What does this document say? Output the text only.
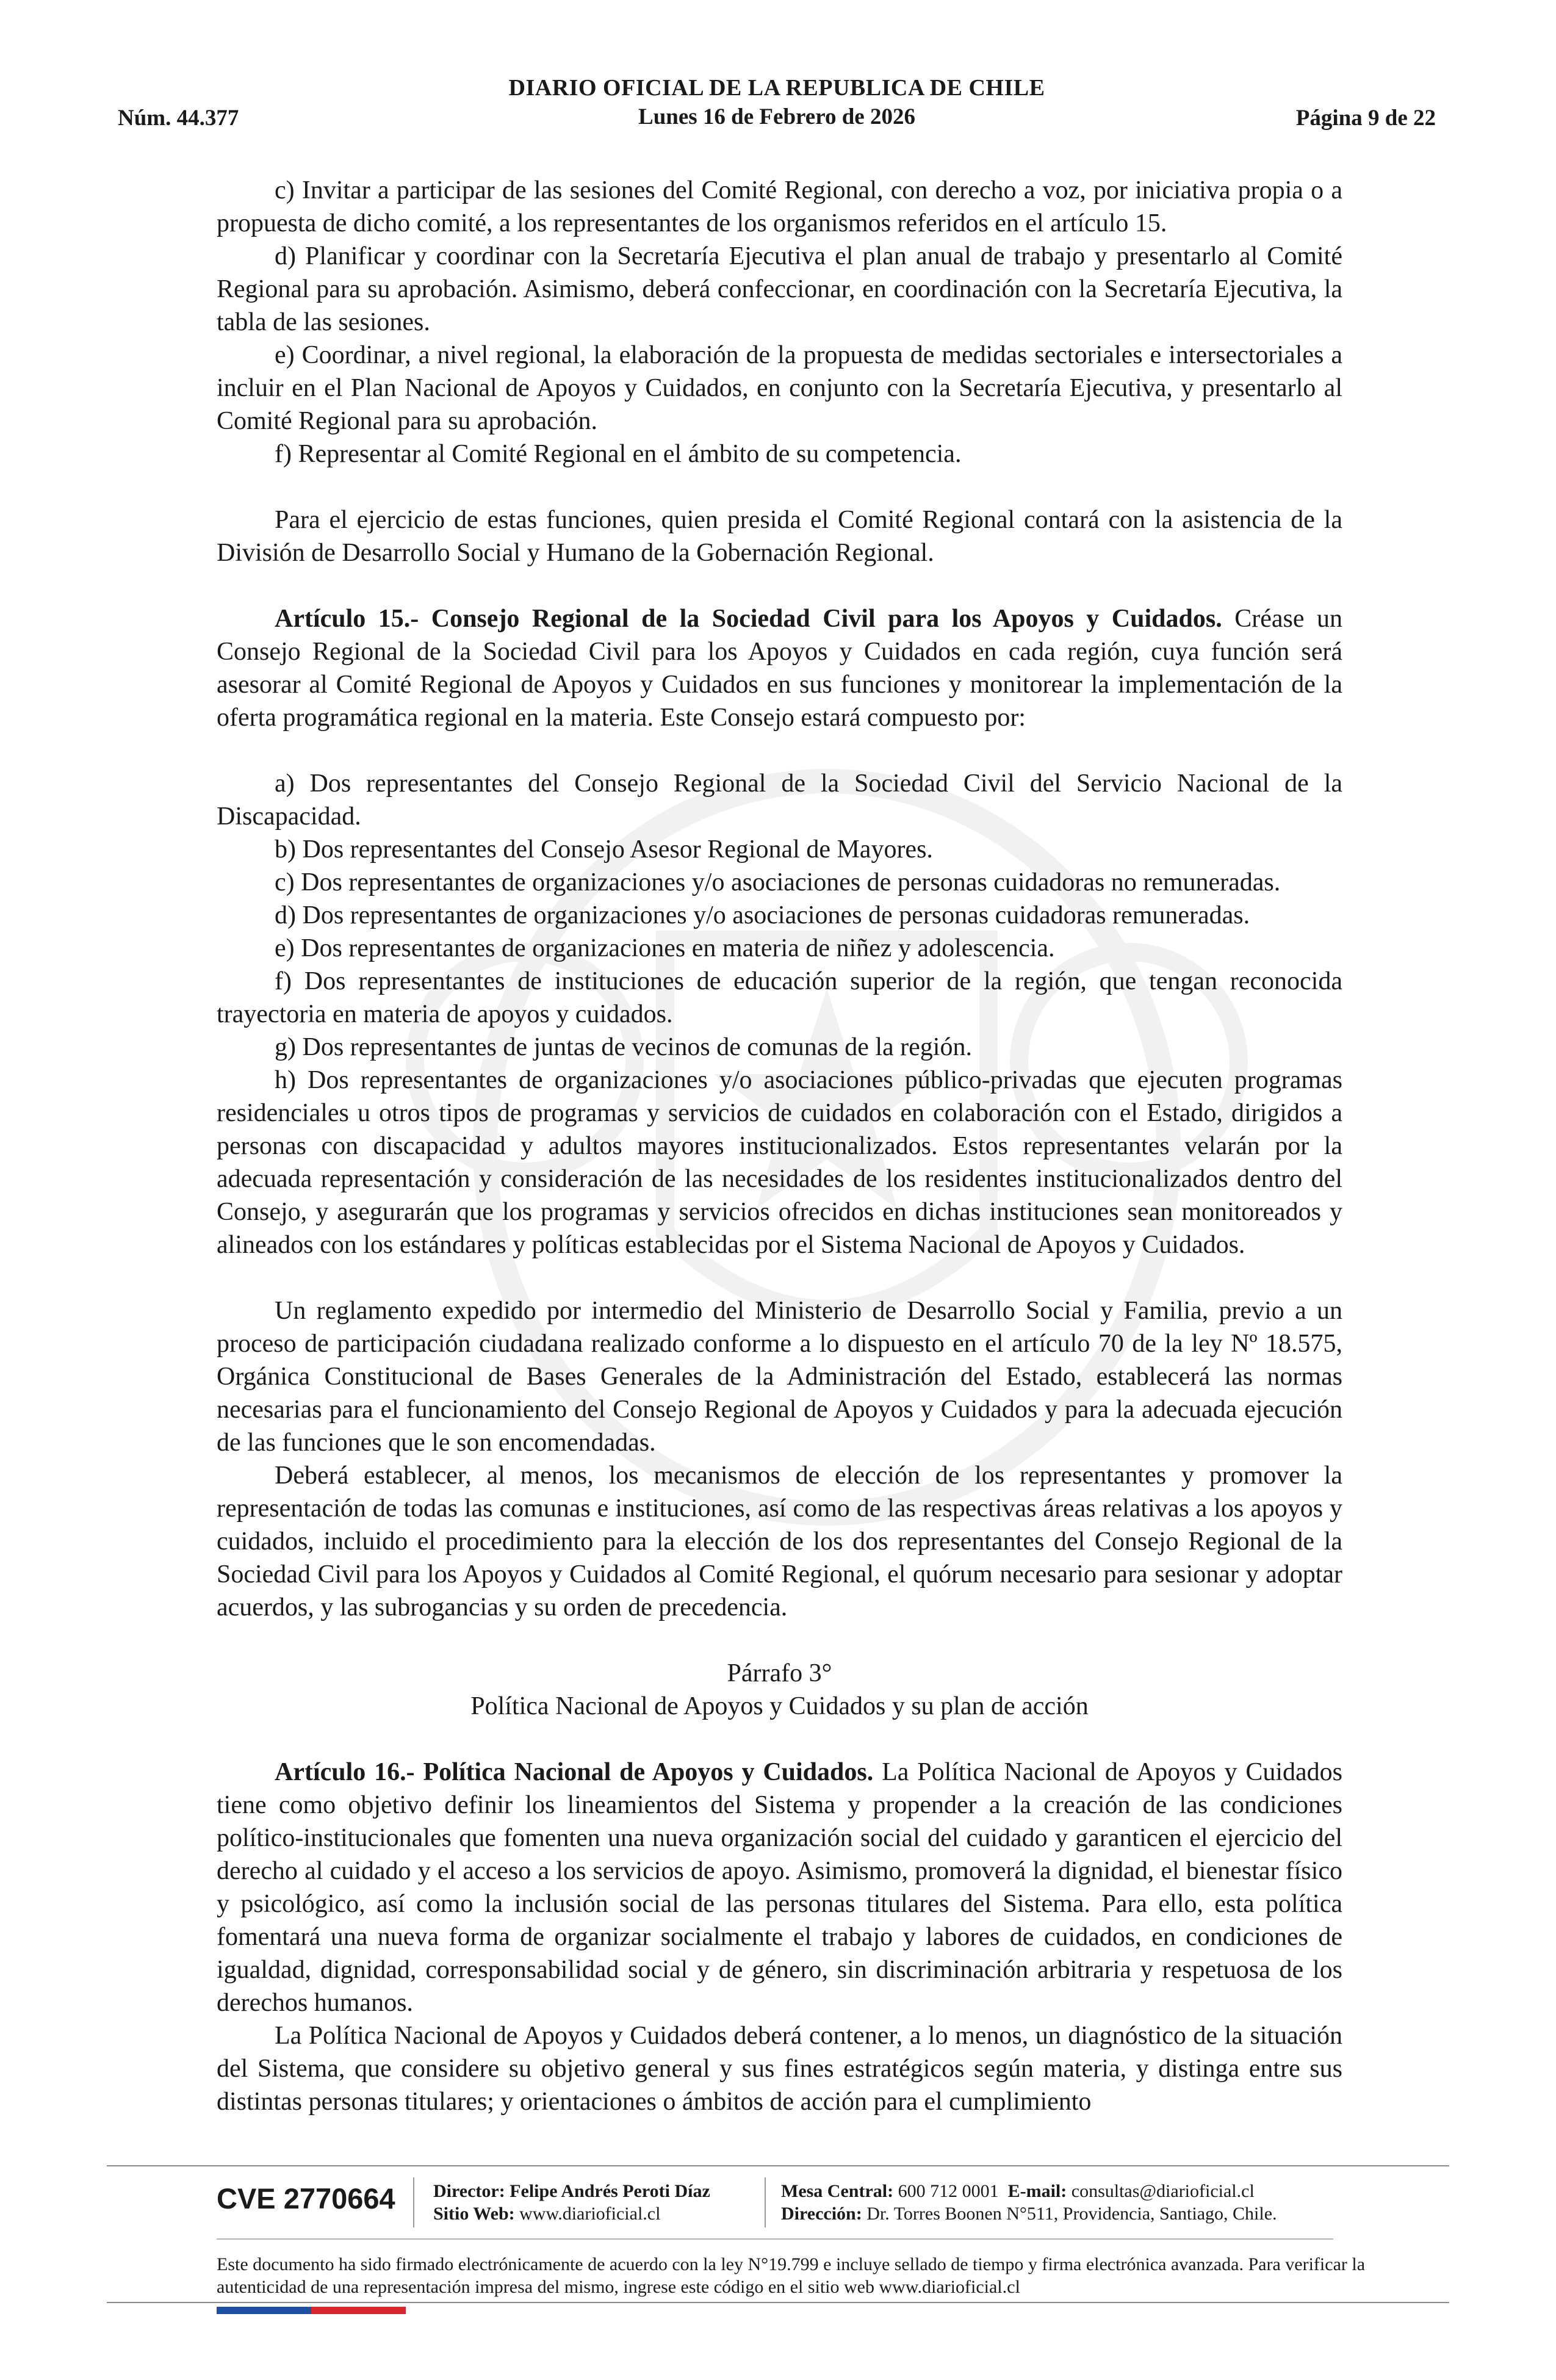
DIARIO OFICIAL DE LA REPUBLICA DE CHILE
Núm. 44.377	Lunes 16 de Febrero de 2026	Página 9 de 22

c) Invitar a participar de las sesiones del Comité Regional, con derecho a voz, por iniciativa propia o a propuesta de dicho comité, a los representantes de los organismos referidos en el artículo 15.

d) Planificar y coordinar con la Secretaría Ejecutiva el plan anual de trabajo y presentarlo al Comité Regional para su aprobación. Asimismo, deberá confeccionar, en coordinación con la Secretaría Ejecutiva, la tabla de las sesiones.

e) Coordinar, a nivel regional, la elaboración de la propuesta de medidas sectoriales e intersectoriales a incluir en el Plan Nacional de Apoyos y Cuidados, en conjunto con la Secretaría Ejecutiva, y presentarlo al Comité Regional para su aprobación.

f) Representar al Comité Regional en el ámbito de su competencia.

Para el ejercicio de estas funciones, quien presida el Comité Regional contará con la asistencia de la División de Desarrollo Social y Humano de la Gobernación Regional.

Artículo 15.- Consejo Regional de la Sociedad Civil para los Apoyos y Cuidados. Créase un Consejo Regional de la Sociedad Civil para los Apoyos y Cuidados en cada región, cuya función será asesorar al Comité Regional de Apoyos y Cuidados en sus funciones y monitorear la implementación de la oferta programática regional en la materia. Este Consejo estará compuesto por:

a) Dos representantes del Consejo Regional de la Sociedad Civil del Servicio Nacional de la Discapacidad.

b) Dos representantes del Consejo Asesor Regional de Mayores.

c) Dos representantes de organizaciones y/o asociaciones de personas cuidadoras no remuneradas.

d) Dos representantes de organizaciones y/o asociaciones de personas cuidadoras remuneradas.

e) Dos representantes de organizaciones en materia de niñez y adolescencia.

f) Dos representantes de instituciones de educación superior de la región, que tengan reconocida trayectoria en materia de apoyos y cuidados.

g) Dos representantes de juntas de vecinos de comunas de la región.

h) Dos representantes de organizaciones y/o asociaciones público-privadas que ejecuten programas residenciales u otros tipos de programas y servicios de cuidados en colaboración con el Estado, dirigidos a personas con discapacidad y adultos mayores institucionalizados. Estos representantes velarán por la adecuada representación y consideración de las necesidades de los residentes institucionalizados dentro del Consejo, y asegurarán que los programas y servicios ofrecidos en dichas instituciones sean monitoreados y alineados con los estándares y políticas establecidas por el Sistema Nacional de Apoyos y Cuidados.

Un reglamento expedido por intermedio del Ministerio de Desarrollo Social y Familia, previo a un proceso de participación ciudadana realizado conforme a lo dispuesto en el artículo 70 de la ley Nº 18.575, Orgánica Constitucional de Bases Generales de la Administración del Estado, establecerá las normas necesarias para el funcionamiento del Consejo Regional de Apoyos y Cuidados y para la adecuada ejecución de las funciones que le son encomendadas.

Deberá establecer, al menos, los mecanismos de elección de los representantes y promover la representación de todas las comunas e instituciones, así como de las respectivas áreas relativas a los apoyos y cuidados, incluido el procedimiento para la elección de los dos representantes del Consejo Regional de la Sociedad Civil para los Apoyos y Cuidados al Comité Regional, el quórum necesario para sesionar y adoptar acuerdos, y las subrogancias y su orden de precedencia.

Párrafo 3°

Política Nacional de Apoyos y Cuidados y su plan de acción

Artículo 16.- Política Nacional de Apoyos y Cuidados. La Política Nacional de Apoyos y Cuidados tiene como objetivo definir los lineamientos del Sistema y propender a la creación de las condiciones político-institucionales que fomenten una nueva organización social del cuidado y garanticen el ejercicio del derecho al cuidado y el acceso a los servicios de apoyo. Asimismo, promoverá la dignidad, el bienestar físico y psicológico, así como la inclusión social de las personas titulares del Sistema. Para ello, esta política fomentará una nueva forma de organizar socialmente el trabajo y labores de cuidados, en condiciones de igualdad, dignidad, corresponsabilidad social y de género, sin discriminación arbitraria y respetuosa de los derechos humanos.

La Política Nacional de Apoyos y Cuidados deberá contener, a lo menos, un diagnóstico de la situación del Sistema, que considere su objetivo general y sus fines estratégicos según materia, y distinga entre sus distintas personas titulares; y orientaciones o ámbitos de acción para el cumplimiento

CVE 2770664 Director: Felipe Andrés Peroti Díaz
Sitio Web: www.diarioficial.cl
Mesa Central: 600 712 0001 E-mail: consultas@diarioficial.cl
Dirección: Dr. Torres Boonen N°511, Providencia, Santiago, Chile.
Este documento ha sido firmado electrónicamente de acuerdo con la ley N°19.799 e incluye sellado de tiempo y firma electrónica avanzada. Para verificar la autenticidad de una representación impresa del mismo, ingrese este código en el sitio web www.diarioficial.cl
